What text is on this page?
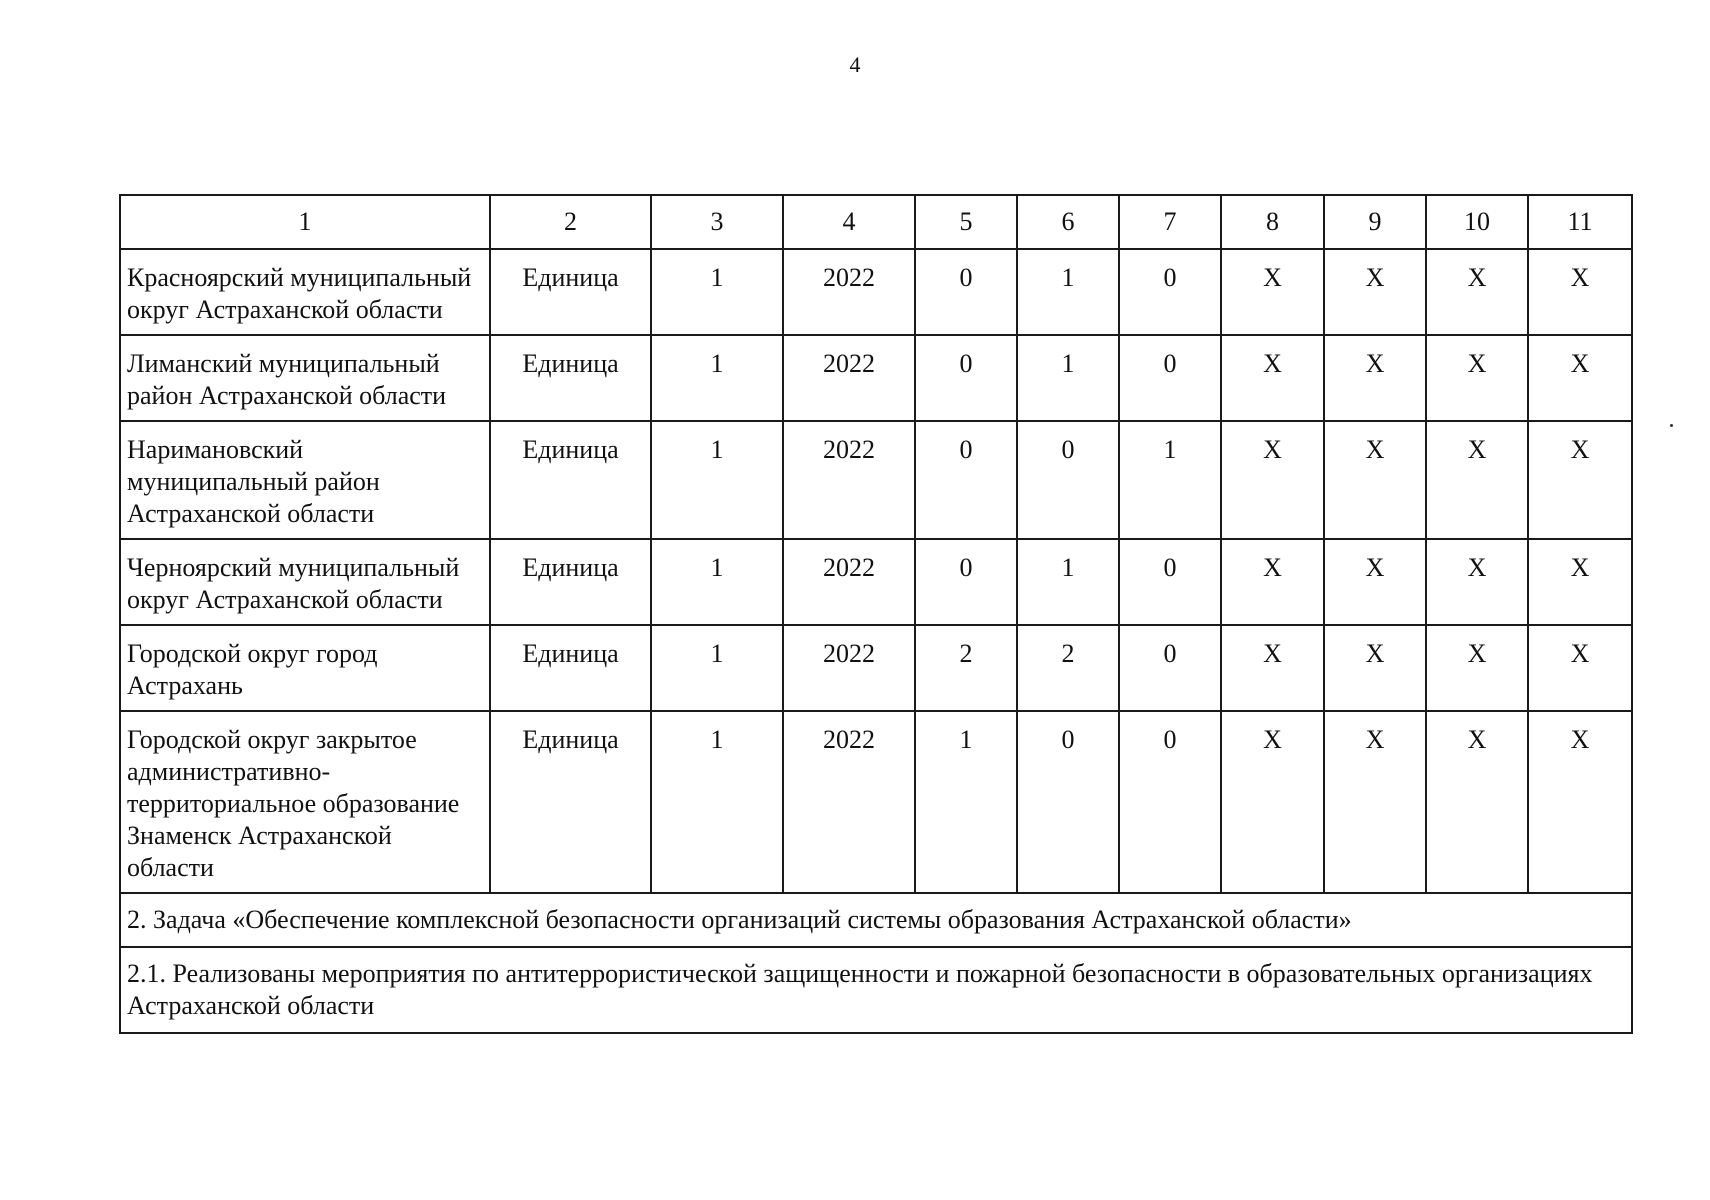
4
1	2	3	4	5	6	7	8	9	10	11
Красноярский муниципальный округ Астраханской области	Единица	1	2022	0	1	0	X	X	X	X
Лиманский муниципальный район Астраханской области	Единица	1	2022	0	1	0	X	X	X	X
Наримановский муниципальный район Астраханской области	Единица	1	2022	0	0	1	X	X	X	X
Черноярский муниципальный округ Астраханской области	Единица	1	2022	0	1	0	X	X	X	X
Городской округ город Астрахань	Единица	1	2022	2	2	0	X	X	X	X
Городской округ закрытое административно-территориальное образование Знаменск Астраханской области	Единица	1	2022	1	0	0	X	X	X	X
2. Задача «Обеспечение комплексной безопасности организаций системы образования Астраханской области»										
2.1. Реализованы мероприятия по антитеррористической защищенности и пожарной безопасности в образовательных организациях Астраханской области										
